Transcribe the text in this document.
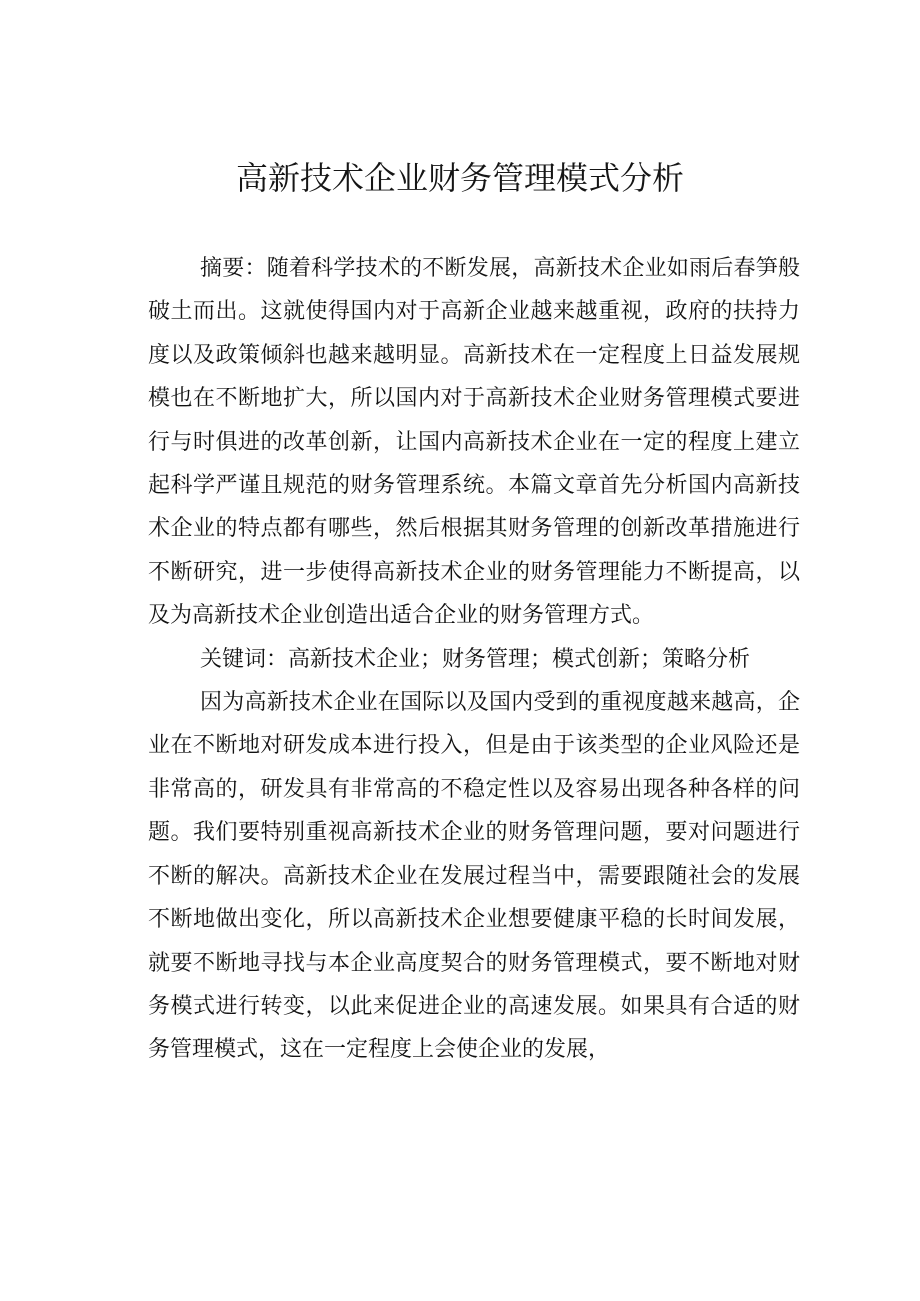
高新技术企业财务管理模式分析

摘要：随着科学技术的不断发展，高新技术企业如雨后春笋般破土而出。这就使得国内对于高新企业越来越重视，政府的扶持力度以及政策倾斜也越来越明显。高新技术在一定程度上日益发展规模也在不断地扩大，所以国内对于高新技术企业财务管理模式要进行与时俱进的改革创新，让国内高新技术企业在一定的程度上建立起科学严谨且规范的财务管理系统。本篇文章首先分析国内高新技术企业的特点都有哪些，然后根据其财务管理的创新改革措施进行不断研究，进一步使得高新技术企业的财务管理能力不断提高，以及为高新技术企业创造出适合企业的财务管理方式。

关键词：高新技术企业；财务管理；模式创新；策略分析

因为高新技术企业在国际以及国内受到的重视度越来越高，企业在不断地对研发成本进行投入，但是由于该类型的企业风险还是非常高的，研发具有非常高的不稳定性以及容易出现各种各样的问题。我们要特别重视高新技术企业的财务管理问题，要对问题进行不断的解决。高新技术企业在发展过程当中，需要跟随社会的发展不断地做出变化，所以高新技术企业想要健康平稳的长时间发展，就要不断地寻找与本企业高度契合的财务管理模式，要不断地对财务模式进行转变，以此来促进企业的高速发展。如果具有合适的财务管理模式，这在一定程度上会使企业的发展，
